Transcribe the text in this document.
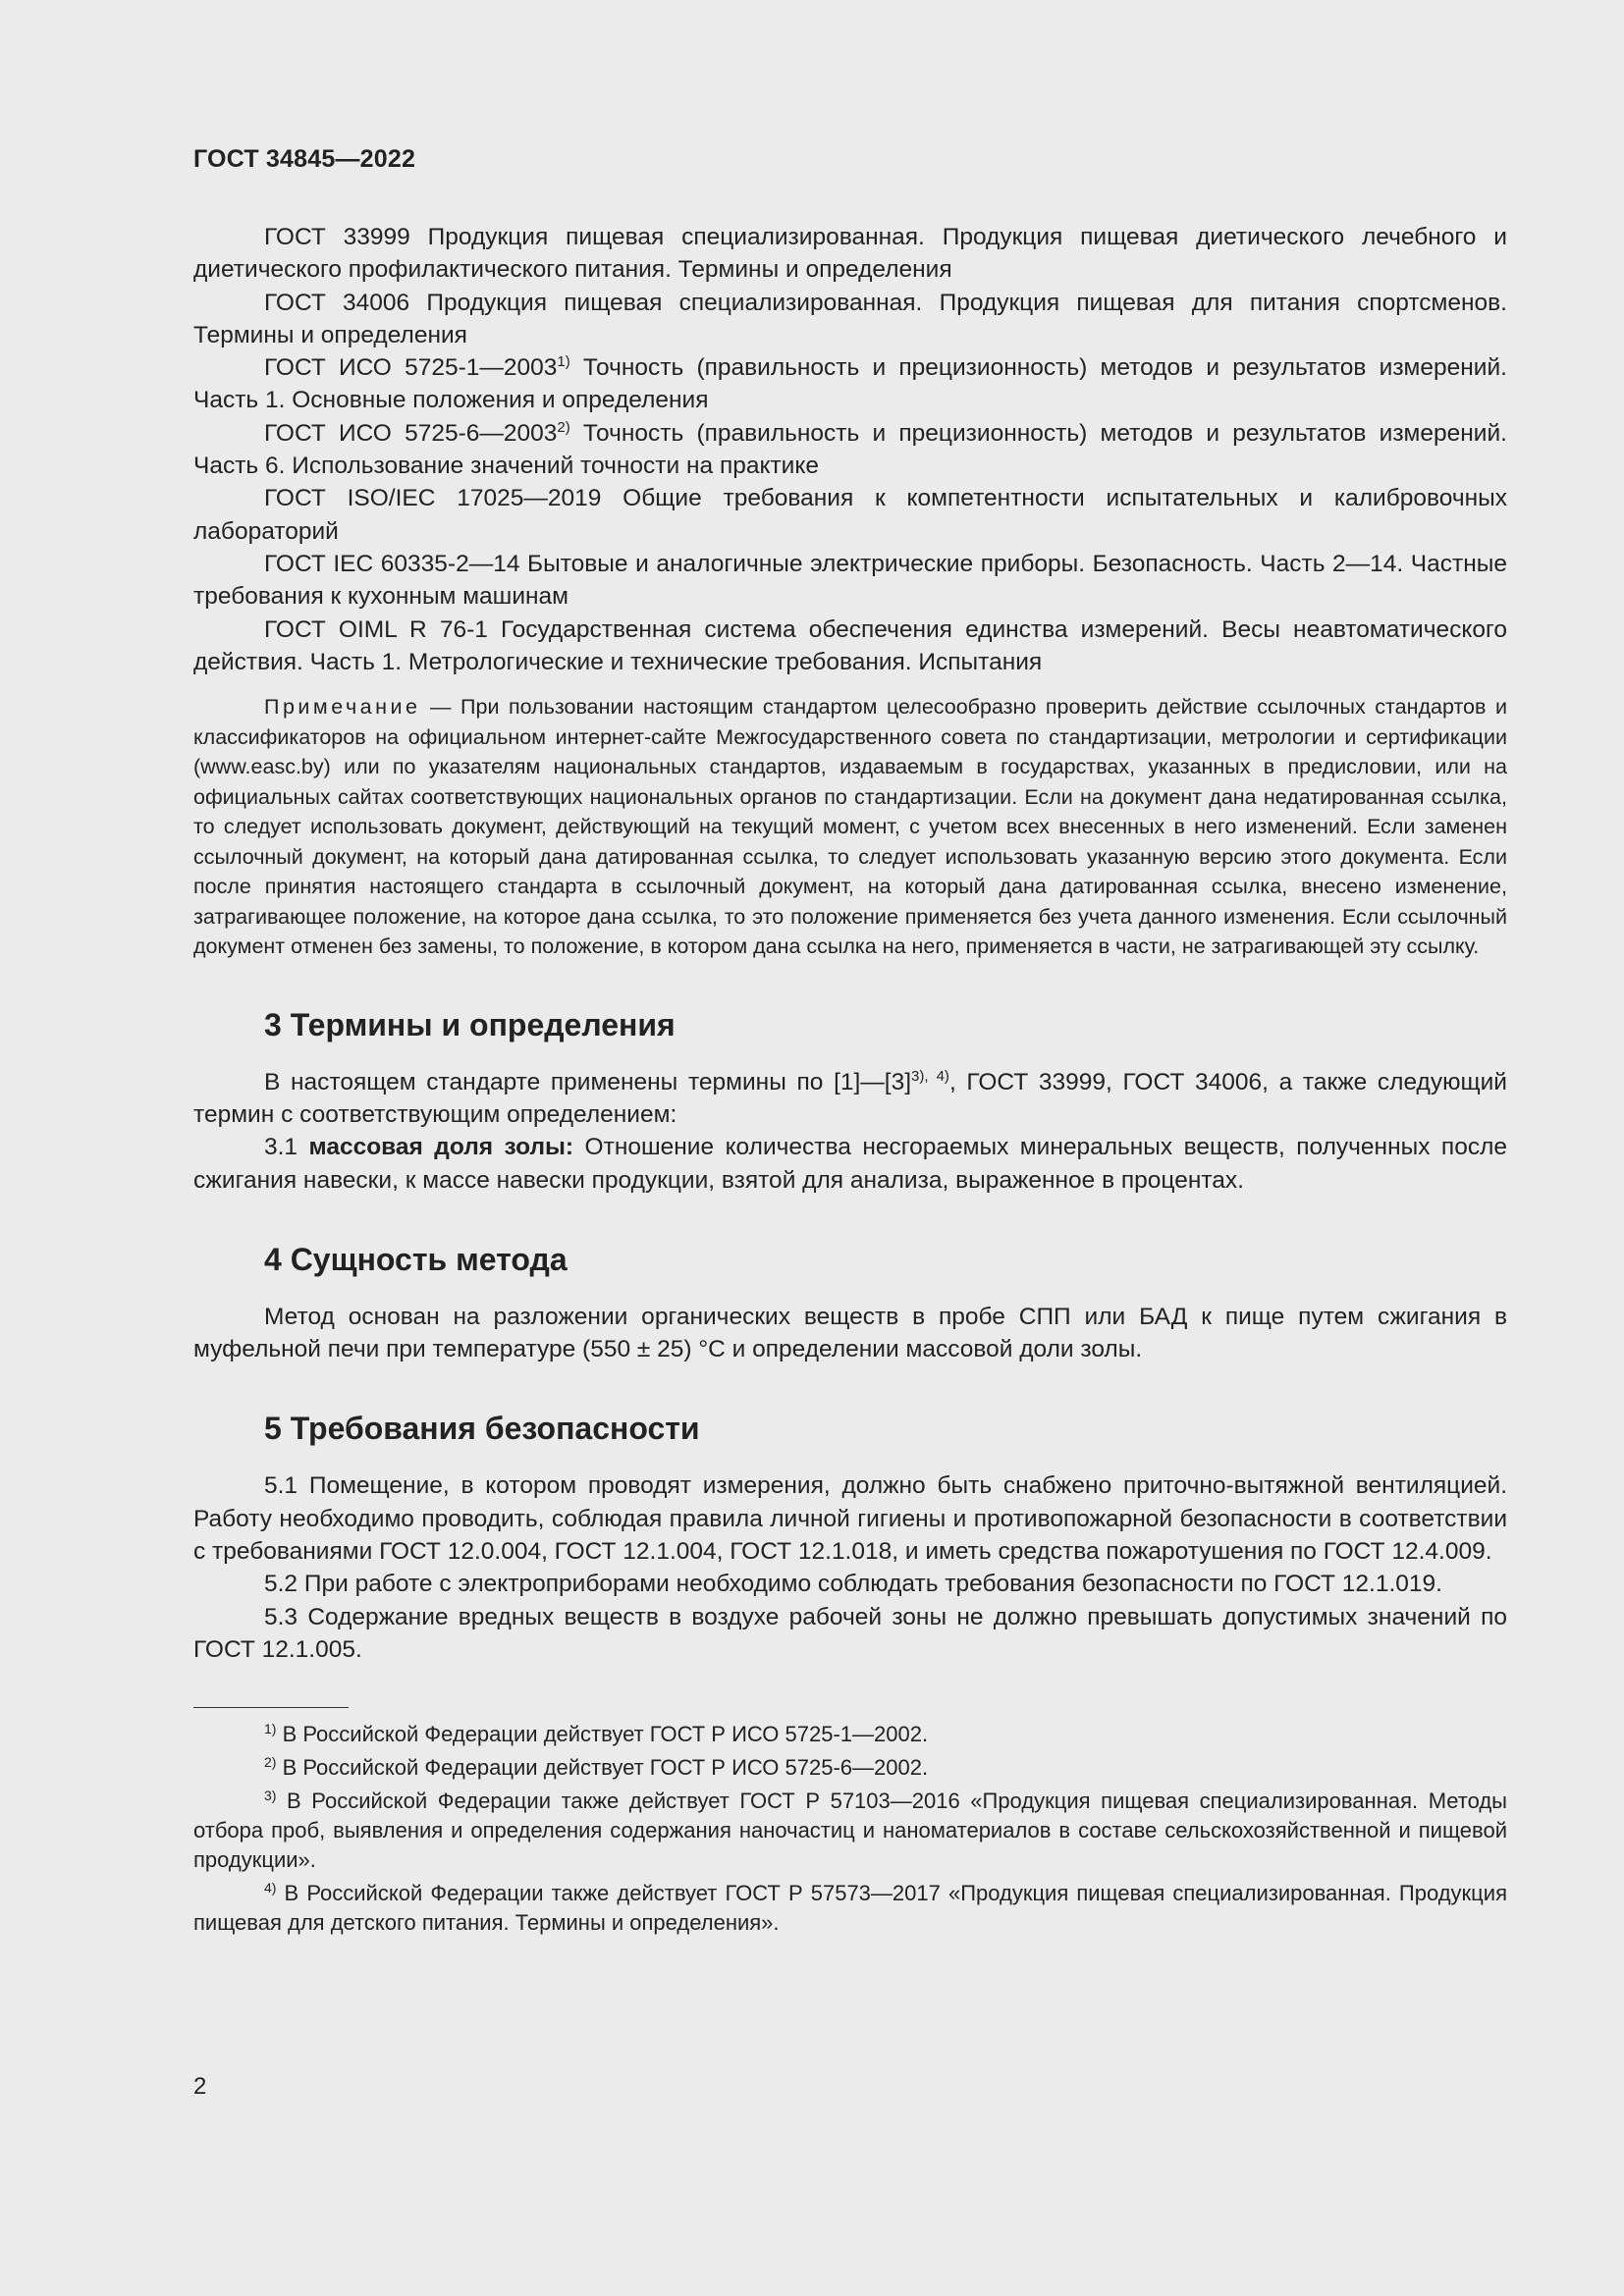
ГОСТ 34845—2022

ГОСТ 33999 Продукция пищевая специализированная. Продукция пищевая диетического лечебного и диетического профилактического питания. Термины и определения

ГОСТ 34006 Продукция пищевая специализированная. Продукция пищевая для питания спортсменов. Термины и определения

ГОСТ ИСО 5725-1—2003$^{1)}$ Точность (правильность и прецизионность) методов и результатов измерений. Часть 1. Основные положения и определения

ГОСТ ИСО 5725-6—2003$^{2)}$ Точность (правильность и прецизионность) методов и результатов измерений. Часть 6. Использование значений точности на практике

ГОСТ ISO/IEC 17025—2019 Общие требования к компетентности испытательных и калибровочных лабораторий

ГОСТ IEC 60335-2—14 Бытовые и аналогичные электрические приборы. Безопасность. Часть 2—14. Частные требования к кухонным машинам

ГОСТ OIML R 76-1 Государственная система обеспечения единства измерений. Весы неавтоматического действия. Часть 1. Метрологические и технические требования. Испытания

Примечание — При пользовании настоящим стандартом целесообразно проверить действие ссылочных стандартов и классификаторов на официальном интернет-сайте Межгосударственного совета по стандартизации, метрологии и сертификации (www.easc.by) или по указателям национальных стандартов, издаваемым в государствах, указанных в предисловии, или на официальных сайтах соответствующих национальных органов по стандартизации. Если на документ дана недатированная ссылка, то следует использовать документ, действующий на текущий момент, с учетом всех внесенных в него изменений. Если заменен ссылочный документ, на который дана датированная ссылка, то следует использовать указанную версию этого документа. Если после принятия настоящего стандарта в ссылочный документ, на который дана датированная ссылка, внесено изменение, затрагивающее положение, на которое дана ссылка, то это положение применяется без учета данного изменения. Если ссылочный документ отменен без замены, то положение, в котором дана ссылка на него, применяется в части, не затрагивающей эту ссылку.

3 Термины и определения

В настоящем стандарте применены термины по $[1]—[3]^{3), 4)}$, ГОСТ 33999, ГОСТ 34006, а также следующий термин с соответствующим определением:

3.1 массовая доля золы: Отношение количества несгораемых минеральных веществ, полученных после сжигания навески, к массе навески продукции, взятой для анализа, выраженное в процентах.

4 Сущность метода

Метод основан на разложении органических веществ в пробе СПП или БАД к пище путем сжигания в муфельной печи при температуре (550 ± 25) °С и определении массовой доли золы.

5 Требования безопасности

5.1 Помещение, в котором проводят измерения, должно быть снабжено приточно-вытяжной вентиляцией. Работу необходимо проводить, соблюдая правила личной гигиены и противопожарной безопасности в соответствии с требованиями ГОСТ 12.0.004, ГОСТ 12.1.004, ГОСТ 12.1.018, и иметь средства пожаротушения по ГОСТ 12.4.009.

5.2 При работе с электроприборами необходимо соблюдать требования безопасности по ГОСТ 12.1.019.

5.3 Содержание вредных веществ в воздухе рабочей зоны не должно превышать допустимых значений по ГОСТ 12.1.005.

$^{1)}$ В Российской Федерации действует ГОСТ Р ИСО 5725-1—2002.

$^{2)}$ В Российской Федерации действует ГОСТ Р ИСО 5725-6—2002.

$^{3)}$ В Российской Федерации также действует ГОСТ Р 57103—2016 «Продукция пищевая специализированная. Методы отбора проб, выявления и определения содержания наночастиц и наноматериалов в составе сельскохозяйственной и пищевой продукции».

$^{4)}$ В Российской Федерации также действует ГОСТ Р 57573—2017 «Продукция пищевая специализированная. Продукция пищевая для детского питания. Термины и определения».

2
